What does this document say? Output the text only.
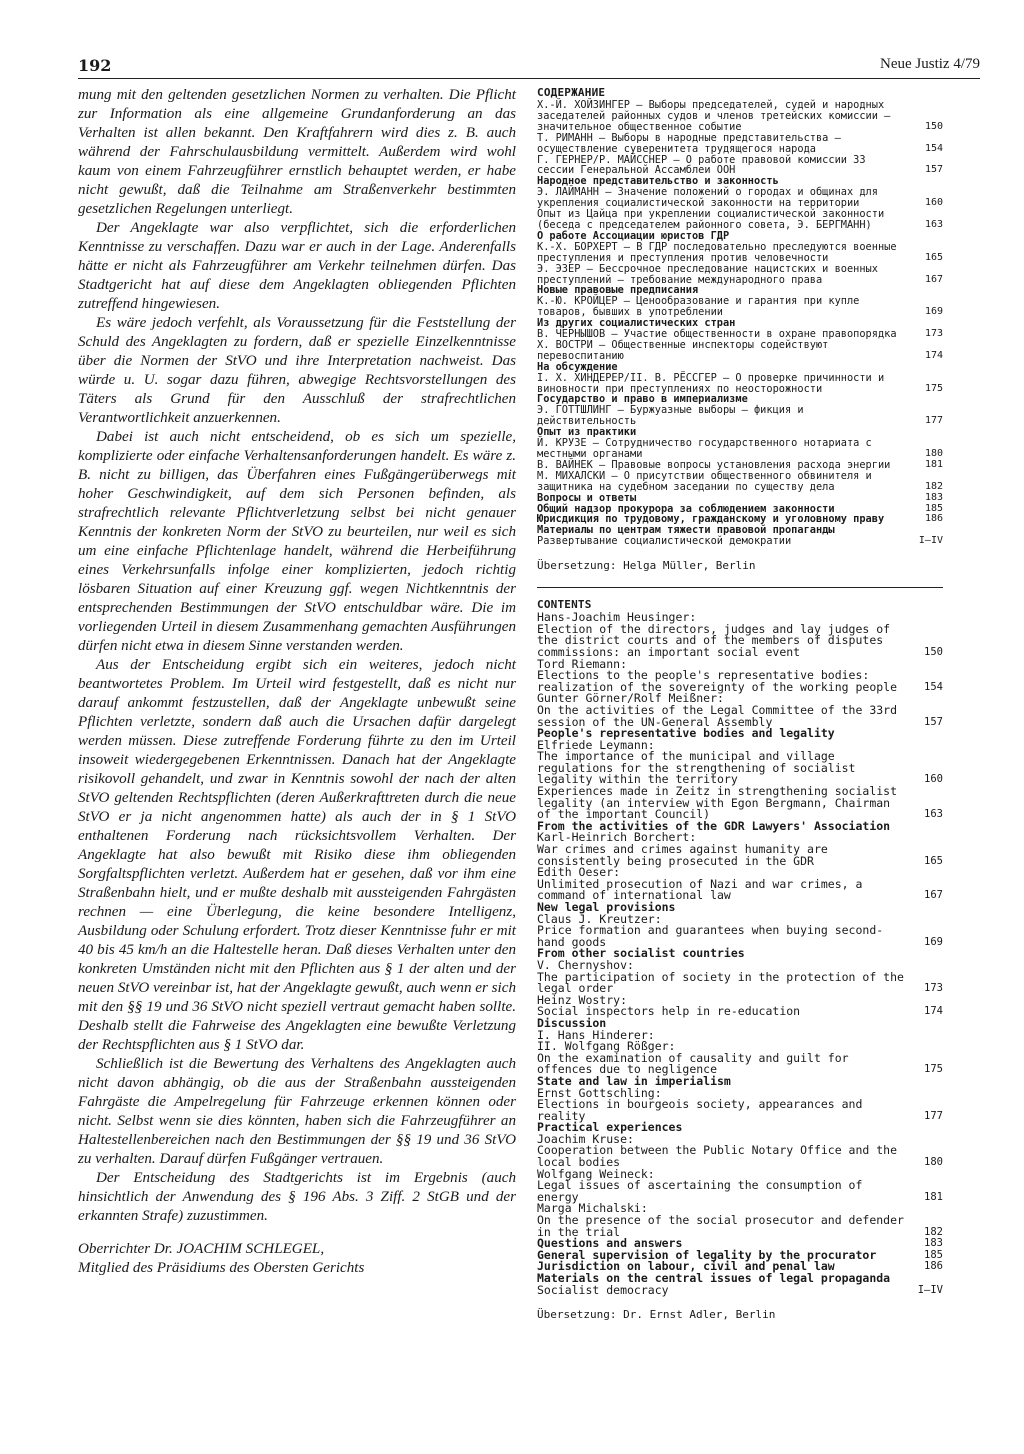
192	Neue Justiz 4/79

mung mit den geltenden gesetzlichen Normen zu verhalten. Die Pflicht zur Information als eine allgemeine Grundanforderung an das Verhalten ist allen bekannt. Den Kraftfahrern wird dies z. B. auch während der Fahrschulausbildung vermittelt. Außerdem wird wohl kaum von einem Fahrzeugführer ernstlich behauptet werden, er habe nicht gewußt, daß die Teilnahme am Straßenverkehr bestimmten gesetzlichen Regelungen unterliegt.

Der Angeklagte war also verpflichtet, sich die erforderlichen Kenntnisse zu verschaffen. Dazu war er auch in der Lage. Anderenfalls hätte er nicht als Fahrzeugführer am Verkehr teilnehmen dürfen. Das Stadtgericht hat auf diese dem Angeklagten obliegenden Pflichten zutreffend hingewiesen.

Es wäre jedoch verfehlt, als Voraussetzung für die Feststellung der Schuld des Angeklagten zu fordern, daß er spezielle Einzelkenntnisse über die Normen der StVO und ihre Interpretation nachweist. Das würde u. U. sogar dazu führen, abwegige Rechtsvorstellungen des Täters als Grund für den Ausschluß der strafrechtlichen Verantwortlichkeit anzuerkennen.

Dabei ist auch nicht entscheidend, ob es sich um spezielle, komplizierte oder einfache Verhaltensanforderungen handelt. Es wäre z. B. nicht zu billigen, das Überfahren eines Fußgängerüberwegs mit hoher Geschwindigkeit, auf dem sich Personen befinden, als strafrechtlich relevante Pflichtverletzung selbst bei nicht genauer Kenntnis der konkreten Norm der StVO zu beurteilen, nur weil es sich um eine einfache Pflichtenlage handelt, während die Herbeiführung eines Verkehrsunfalls infolge einer komplizierten, jedoch richtig lösbaren Situation auf einer Kreuzung ggf. wegen Nichtkenntnis der entsprechenden Bestimmungen der StVO entschuldbar wäre. Die im vorliegenden Urteil in diesem Zusammenhang gemachten Ausführungen dürfen nicht etwa in diesem Sinne verstanden werden.

Aus der Entscheidung ergibt sich ein weiteres, jedoch nicht beantwortetes Problem. Im Urteil wird festgestellt, daß es nicht nur darauf ankommt festzustellen, daß der Angeklagte unbewußt seine Pflichten verletzte, sondern daß auch die Ursachen dafür dargelegt werden müssen. Diese zutreffende Forderung führte zu den im Urteil insoweit wiedergegebenen Erkenntnissen. Danach hat der Angeklagte risikovoll gehandelt, und zwar in Kenntnis sowohl der nach der alten StVO geltenden Rechtspflichten (deren Außerkrafttreten durch die neue StVO er ja nicht angenommen hatte) als auch der in § 1 StVO enthaltenen Forderung nach rücksichtsvollem Verhalten. Der Angeklagte hat also bewußt mit Risiko diese ihm obliegenden Sorgfaltspflichten verletzt. Außerdem hat er gesehen, daß vor ihm eine Straßenbahn hielt, und er mußte deshalb mit aussteigenden Fahrgästen rechnen — eine Überlegung, die keine besondere Intelligenz, Ausbildung oder Schulung erfordert. Trotz dieser Kenntnisse fuhr er mit 40 bis 45 km/h an die Haltestelle heran. Daß dieses Verhalten unter den konkreten Umständen nicht mit den Pflichten aus § 1 der alten und der neuen StVO vereinbar ist, hat der Angeklagte gewußt, auch wenn er sich mit den §§ 19 und 36 StVO nicht speziell vertraut gemacht haben sollte. Deshalb stellt die Fahrweise des Angeklagten eine bewußte Verletzung der Rechtspflichten aus § 1 StVO dar.

Schließlich ist die Bewertung des Verhaltens des Angeklagten auch nicht davon abhängig, ob die aus der Straßenbahn aussteigenden Fahrgäste die Ampelregelung für Fahrzeuge erkennen können oder nicht. Selbst wenn sie dies könnten, haben sich die Fahrzeugführer an Haltestellenbereichen nach den Bestimmungen der §§ 19 und 36 StVO zu verhalten. Darauf dürfen Fußgänger vertrauen.

Der Entscheidung des Stadtgerichts ist im Ergebnis (auch hinsichtlich der Anwendung des § 196 Abs. 3 Ziff. 2 StGB und der erkannten Strafe) zuzustimmen.

Oberrichter Dr. JOACHIM SCHLEGEL,
Mitglied des Präsidiums des Obersten Gerichts
СОДЕРЖАНИЕ
Х.-Й. ХОЙЗИНГЕР — Выборы председателей, судей и народных заседателей районных судов и членов третейских комиссии — значительное общественное событие	150
Т. РИМАНН — Выборы в народные представительства — осуществление суверенитета трудящегося народа	154
Г. ГЕРНЕР/Р. МАЙССНЕР — О работе правовой комиссии 33 сессии Генеральной Ассамблеи ООН	157
Народное представительство и законность
Э. ЛАЙМАНН — Значение положений о городах и общинах для укрепления социалистической законности на территории	160
Опыт из Цайца при укреплении социалистической законности (беседа с председателем районного совета, Э. БЕРГМАНН)	163
О работе Ассоциации юристов ГДР
К.-Х. БОРХЕРТ — В ГДР последовательно преследуются военные преступления и преступления против человечности	165
Э. ЭЗЕР — Бессрочное преследование нацистских и военных преступлений — требование международного права	167
Новые правовые предписания
К.-Ю. КРОЙЦЕР — Ценообразование и гарантия при купле товаров, бывших в употреблении	169
Из других социалистических стран
В. ЧЕРНЫШОВ — Участие общественности в охране правопорядка	173
Х. ВОСТРИ — Общественные инспекторы содействуют перевоспитанию	174
На обсуждение
I. Х. ХИНДЕРЕР/II. В. РЁССГЕР — О проверке причинности и виновности при преступлениях по неосторожности	175
Государство и право в империализме
Э. ГОТТШЛИНГ — Буржуазные выборы — фикция и действительность	177
Опыт из практики
Й. КРУЗЕ — Сотрудничество государственного нотариата с местными органами	180
В. ВАЙНЕК — Правовые вопросы установления расхода энергии	181
М. МИХАЛСКИ — О присутствии общественного обвинителя и защитника на судебном заседании по существу дела	182
Вопросы и ответы	183
Общий надзор прокурора за соблюдением законности	185
Юрисдикция по трудовому, гражданскому и уголовному праву	186
Материалы по центрам тяжести правовой пропаганды
Развертывание социалистической демократии	I—IV
Übersetzung: Helga Müller, Berlin
CONTENTS
Hans-Joachim Heusinger:
Election of the directors, judges and lay judges of the district courts and of the members of disputes commissions: an important social event	150
Tord Riemann:
Elections to the people's representative bodies: realization of the sovereignty of the working people	154
Gunter Görner/Rolf Meißner:
On the activities of the Legal Committee of the 33rd session of the UN-General Assembly	157
People's representative bodies and legality
Elfriede Leymann:
The importance of the municipal and village regulations for the strengthening of socialist legality within the territory	160
Experiences made in Zeitz in strengthening socialist legality (an interview with Egon Bergmann, Chairman of the important Council)	163
From the activities of the GDR Lawyers' Association
Karl-Heinrich Borchert:
War crimes and crimes against humanity are consistently being prosecuted in the GDR	165
Edith Oeser:
Unlimited prosecution of Nazi and war crimes, a command of international law	167
New legal provisions
Claus J. Kreutzer:
Price formation and guarantees when buying second-hand goods	169
From other socialist countries
V. Chernyshov:
The participation of society in the protection of the legal order	173
Heinz Wostry:
Social inspectors help in re-education	174
Discussion
I. Hans Hinderer:
II. Wolfgang Rößger:
On the examination of causality and guilt for offences due to negligence	175
State and law in imperialism
Ernst Gottschling:
Elections in bourgeois society, appearances and reality	177
Practical experiences
Joachim Kruse:
Cooperation between the Public Notary Office and the local bodies	180
Wolfgang Weineck:
Legal issues of ascertaining the consumption of energy	181
Marga Michalski:
On the presence of the social prosecutor and defender in the trial	182
Questions and answers	183
General supervision of legality by the procurator	185
Jurisdiction on labour, civil and penal law	186
Materials on the central issues of legal propaganda
Socialist democracy	I—IV
Übersetzung: Dr. Ernst Adler, Berlin
